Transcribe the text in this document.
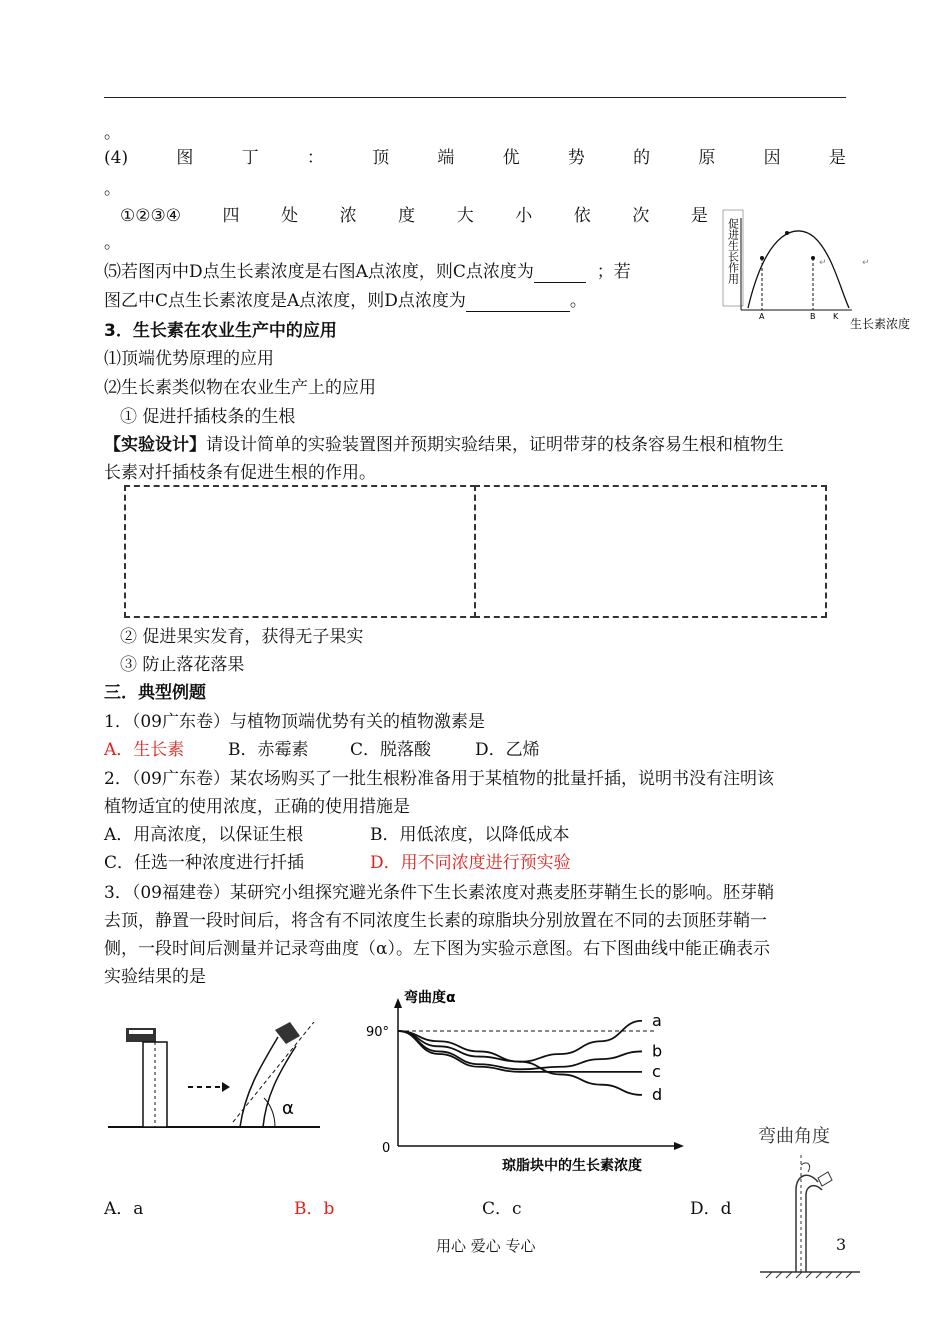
。
(4)	图	丁	：	顶	端	优	势	的	原	因	是
。
①②③④ 四 处 浓 度 大 小 依 次 是
。
⑸若图丙中D点生长素浓度是右图A点浓度，则C点浓度为	；若
图乙中C点生长素浓度是A点浓度，则D点浓度为	。
促进生长作用
A	B K
↵	↵
生长素浓度
3．生长素在农业生产中的应用
⑴顶端优势原理的应用
⑵生长素类似物在农业生产上的应用
① 促进扦插枝条的生根
【实验设计】请设计简单的实验装置图并预期实验结果，证明带芽的枝条容易生根和植物生
长素对扦插枝条有促进生根的作用。
② 促进果实发育，获得无子果实
③ 防止落花落果
三．典型例题
1．（09广东卷）与植物顶端优势有关的植物激素是
A．生长素	B．赤霉素 C．脱落酸	D．乙烯
2．（09广东卷）某农场购买了一批生根粉准备用于某植物的批量扦插，说明书没有注明该
植物适宜的使用浓度，正确的使用措施是
A．用高浓度，以保证生根	B．用低浓度，以降低成本
C．任选一种浓度进行扦插	D．用不同浓度进行预实验
3．（09福建卷）某研究小组探究避光条件下生长素浓度对燕麦胚芽鞘生长的影响。胚芽鞘
去顶，静置一段时间后，将含有不同浓度生长素的琼脂块分别放置在不同的去顶胚芽鞘一
侧，一段时间后测量并记录弯曲度（α）。左下图为实验示意图。右下图曲线中能正确表示
实验结果的是
α
弯曲度α
90°
0
琼脂块中的生长素浓度
a
b
c
d
弯曲角度
A．a	B．b	C．c	D．d
用心 爱心 专心	3
